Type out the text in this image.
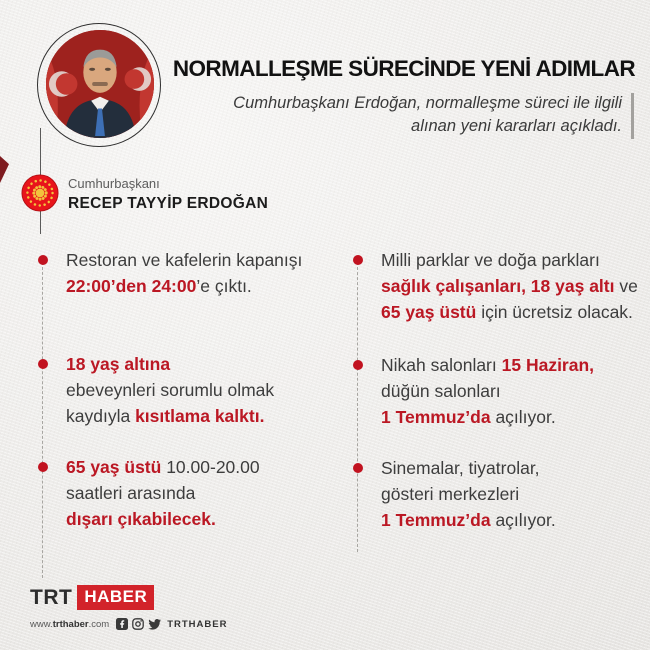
NORMALLEŞME SÜRECİNDE YENİ ADIMLAR
Cumhurbaşkanı Erdoğan, normalleşme süreci ile ilgili
alınan yeni kararları açıkladı.
Cumhurbaşkanı
RECEP TAYYİP ERDOĞAN

Restoran ve kafelerin kapanışı

22:00’den 24:00’e çıktı.

18 yaş altına

ebeveynleri sorumlu olmak

kaydıyla kısıtlama kalktı.

65 yaş üstü 10.00-20.00

saatleri arasında

dışarı çıkabilecek.

Milli parklar ve doğa parkları

sağlık çalışanları, 18 yaş altı ve

65 yaş üstü için ücretsiz olacak.

Nikah salonları 15 Haziran,

düğün salonları

1 Temmuz’da açılıyor.

Sinemalar, tiyatrolar,

gösteri merkezleri

1 Temmuz’da açılıyor.

TRT HABER
www.trthaber.com	TRTHABER
